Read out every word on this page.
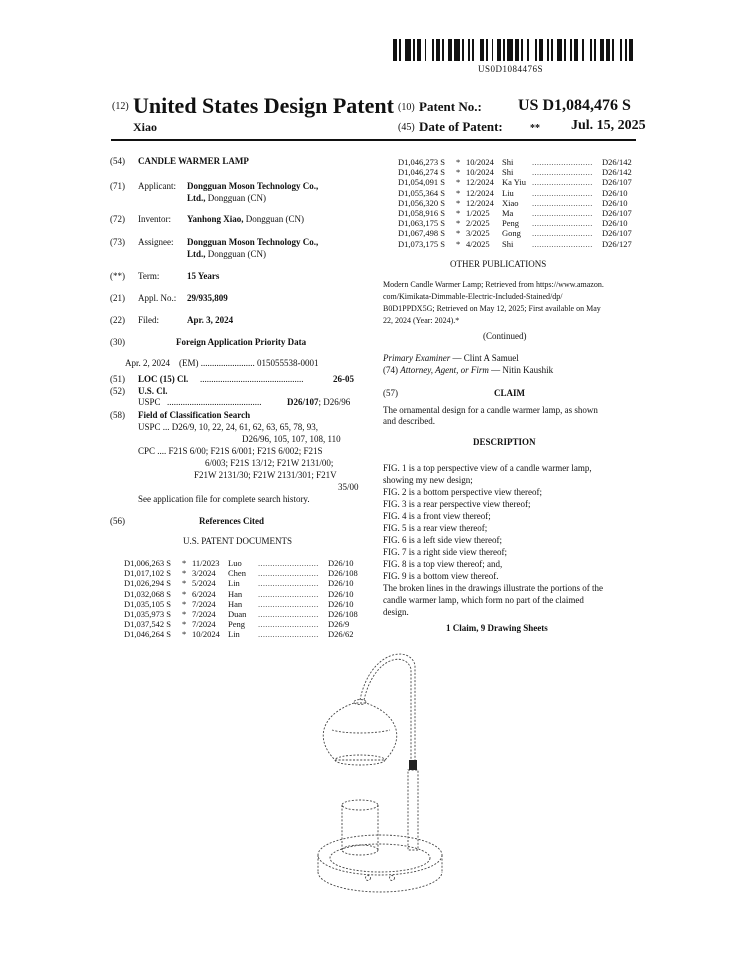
US0D1084476S
(12) United States Design Patent
Xiao
(10) Patent No.: US D1,084,476 S
(45) Date of Patent:	** Jul. 15, 2025
(54) CANDLE WARMER LAMP
(71) Applicant: Dongguan Moson Technology Co.,
Ltd., Dongguan (CN)
(72) Inventor: Yanhong Xiao, Dongguan (CN)
(73) Assignee: Dongguan Moson Technology Co.,
Ltd., Dongguan (CN)
(**) Term:	15 Years
(21) Appl. No.: 29/935,809
(22) Filed:	Apr. 3, 2024
(30)	Foreign Application Priority Data
Apr. 2, 2024    (EM) ........................ 015055538-0001
(51) LOC (15) Cl. ..............................................	26-05
(52) U.S. Cl.
USPC ..........................................	D26/107; D26/96
(58) Field of Classification Search
USPC ... D26/9, 10, 22, 24, 61, 62, 63, 65, 78, 93,
D26/96, 105, 107, 108, 110
CPC .... F21S 6/00; F21S 6/001; F21S 6/002; F21S
6/003; F21S 13/12; F21W 2131/00;
F21W 2131/30; F21W 2131/301; F21V
35/00
See application file for complete search history.
(56)	References Cited
U.S. PATENT DOCUMENTS
D1,006,263 S * 11/2023 Luo	D26/10
.........................
D1,017,102 S * 3/2024 Chen	D26/108
.........................
D1,026,294 S * 5/2024 Lin	D26/10
.........................
D1,032,068 S * 6/2024 Han	D26/10
.........................
D1,035,105 S * 7/2024 Han	D26/10
.........................
D1,035,973 S * 7/2024 Duan	D26/108
.........................
D1,037,542 S * 7/2024 Peng	D26/9
.........................
D1,046,264 S * 10/2024 Lin	D26/62
.........................
D1,046,273 S * 10/2024 Shi	D26/142
.........................
D1,046,274 S * 10/2024 Shi	D26/142
.........................
D1,054,091 S * 12/2024 Ka Yiu	D26/107
.........................
D1,055,364 S * 12/2024 Liu	D26/10
.........................
D1,056,320 S * 12/2024 Xiao	D26/10
.........................
D1,058,916 S * 1/2025 Ma	D26/107
.........................
D1,063,175 S * 2/2025 Peng	D26/10
.........................
D1,067,498 S * 3/2025 Gong	D26/107
.........................
D1,073,175 S * 4/2025 Shi	D26/127
.........................
OTHER PUBLICATIONS
Modern Candle Warmer Lamp; Retrieved from https://www.amazon.
com/Kimikata-Dimmable-Electric-Included-Stained/dp/
B0D1PPDX5G; Retrieved on May 12, 2025; First available on May
22, 2024 (Year: 2024).*
(Continued)
Primary Examiner — Clint A Samuel
(74) Attorney, Agent, or Firm — Nitin Kaushik
(57)	CLAIM
The ornamental design for a candle warmer lamp, as shown
and described.
DESCRIPTION
FIG. 1 is a top perspective view of a candle warmer lamp,
showing my new design;
FIG. 2 is a bottom perspective view thereof;
FIG. 3 is a rear perspective view thereof;
FIG. 4 is a front view thereof;
FIG. 5 is a rear view thereof;
FIG. 6 is a left side view thereof;
FIG. 7 is a right side view thereof;
FIG. 8 is a top view thereof; and,
FIG. 9 is a bottom view thereof.
The broken lines in the drawings illustrate the portions of the
candle warmer lamp, which form no part of the claimed
design.
1 Claim, 9 Drawing Sheets
